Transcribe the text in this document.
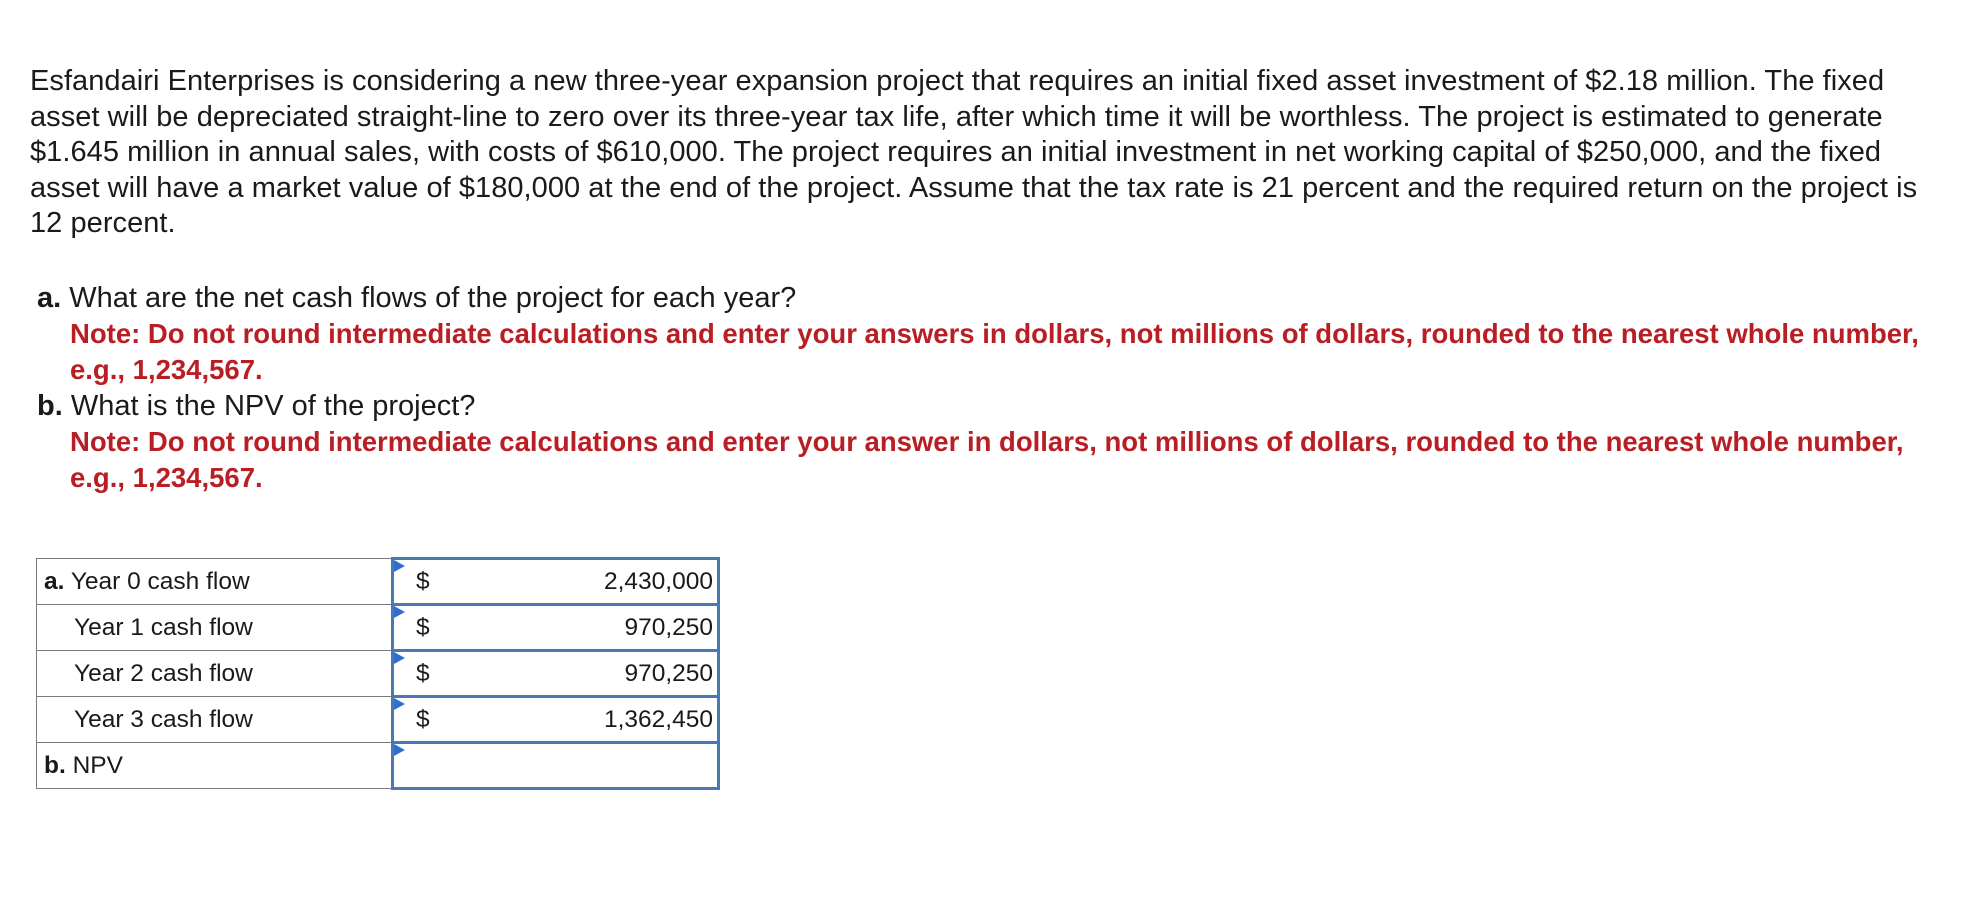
Esfandairi Enterprises is considering a new three-year expansion project that requires an initial fixed asset investment of $2.18 million. The fixed asset will be depreciated straight-line to zero over its three-year tax life, after which time it will be worthless. The project is estimated to generate $1.645 million in annual sales, with costs of $610,000. The project requires an initial investment in net working capital of $250,000, and the fixed asset will have a market value of $180,000 at the end of the project. Assume that the tax rate is 21 percent and the required return on the project is 12 percent.

a. What are the net cash flows of the project for each year?
Note: Do not round intermediate calculations and enter your answers in dollars, not millions of dollars, rounded to the nearest whole number, e.g., 1,234,567.
b. What is the NPV of the project?
Note: Do not round intermediate calculations and enter your answer in dollars, not millions of dollars, rounded to the nearest whole number, e.g., 1,234,567.
a. Year 0 cash flow	$ 2,430,000

Year 1 cash flow	$ 970,250

Year 2 cash flow	$ 970,250

Year 3 cash flow	$ 1,362,450

b. NPV	
